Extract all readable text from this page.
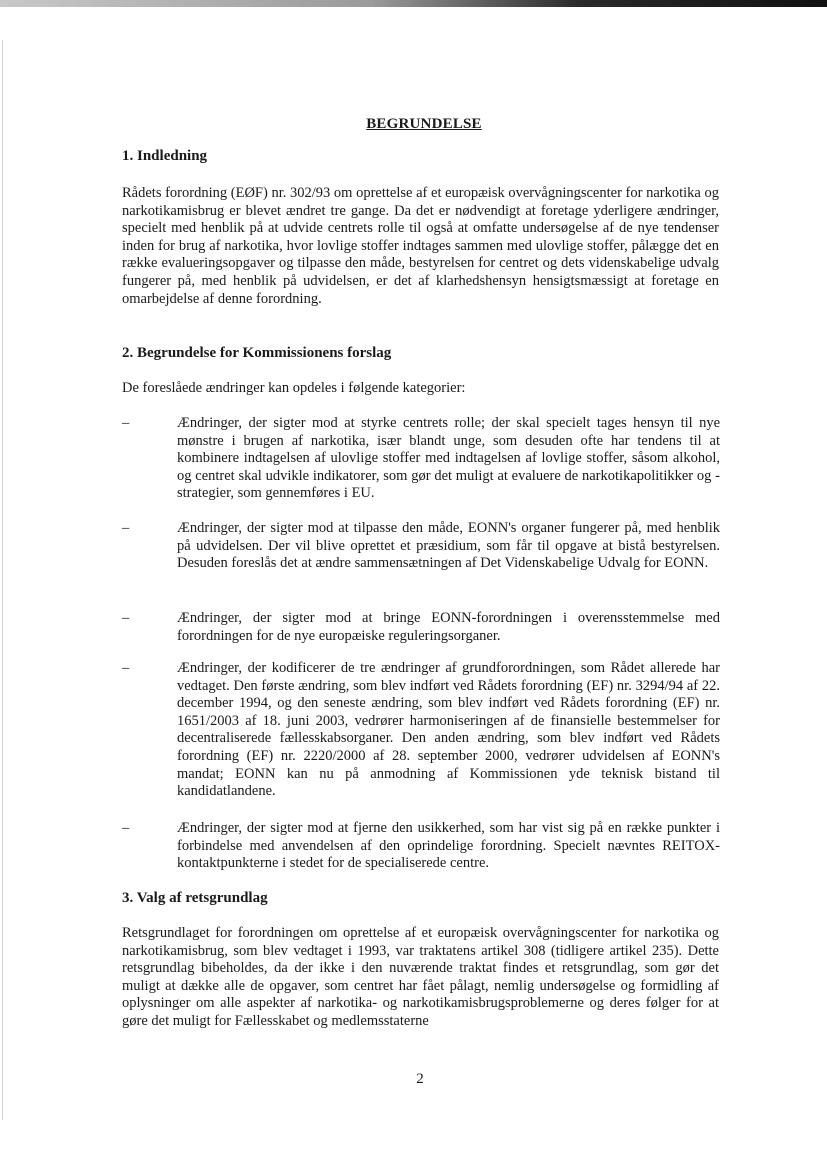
BEGRUNDELSE
1. Indledning

Rådets forordning (EØF) nr. 302/93 om oprettelse af et europæisk overvågningscenter for narkotika og narkotikamisbrug er blevet ændret tre gange. Da det er nødvendigt at foretage yderligere ændringer, specielt med henblik på at udvide centrets rolle til også at omfatte undersøgelse af de nye tendenser inden for brug af narkotika, hvor lovlige stoffer indtages sammen med ulovlige stoffer, pålægge det en række evalueringsopgaver og tilpasse den måde, bestyrelsen for centret og dets videnskabelige udvalg fungerer på, med henblik på udvidelsen, er det af klarhedshensyn hensigtsmæssigt at foretage en omarbejdelse af denne forordning.

2. Begrundelse for Kommissionens forslag

De foreslåede ændringer kan opdeles i følgende kategorier:

–	Ændringer, der sigter mod at styrke centrets rolle; der skal specielt tages hensyn til nye mønstre i brugen af narkotika, især blandt unge, som desuden ofte har tendens til at kombinere indtagelsen af ulovlige stoffer med indtagelsen af lovlige stoffer, såsom alkohol, og centret skal udvikle indikatorer, som gør det muligt at evaluere de narkotikapolitikker og -strategier, som gennemføres i EU.

–	Ændringer, der sigter mod at tilpasse den måde, EONN's organer fungerer på, med henblik på udvidelsen. Der vil blive oprettet et præsidium, som får til opgave at bistå bestyrelsen. Desuden foreslås det at ændre sammensætningen af Det Videnskabelige Udvalg for EONN.

–	Ændringer, der sigter mod at bringe EONN-forordningen i overensstemmelse med forordningen for de nye europæiske reguleringsorganer.

–	Ændringer, der kodificerer de tre ændringer af grundforordningen, som Rådet allerede har vedtaget. Den første ændring, som blev indført ved Rådets forordning (EF) nr. 3294/94 af 22. december 1994, og den seneste ændring, som blev indført ved Rådets forordning (EF) nr. 1651/2003 af 18. juni 2003, vedrører harmoniseringen af de finansielle bestemmelser for decentraliserede fællesskabsorganer. Den anden ændring, som blev indført ved Rådets forordning (EF) nr. 2220/2000 af 28. september 2000, vedrører udvidelsen af EONN's mandat; EONN kan nu på anmodning af Kommissionen yde teknisk bistand til kandidatlandene.

–	Ændringer, der sigter mod at fjerne den usikkerhed, som har vist sig på en række punkter i forbindelse med anvendelsen af den oprindelige forordning. Specielt nævntes REITOX-kontaktpunkterne i stedet for de specialiserede centre.

3. Valg af retsgrundlag

Retsgrundlaget for forordningen om oprettelse af et europæisk overvågningscenter for narkotika og narkotikamisbrug, som blev vedtaget i 1993, var traktatens artikel 308 (tidligere artikel 235). Dette retsgrundlag bibeholdes, da der ikke i den nuværende traktat findes et retsgrundlag, som gør det muligt at dække alle de opgaver, som centret har fået pålagt, nemlig undersøgelse og formidling af oplysninger om alle aspekter af narkotika- og narkotikamisbrugsproblemerne og deres følger for at gøre det muligt for Fællesskabet og medlemsstaterne

2
